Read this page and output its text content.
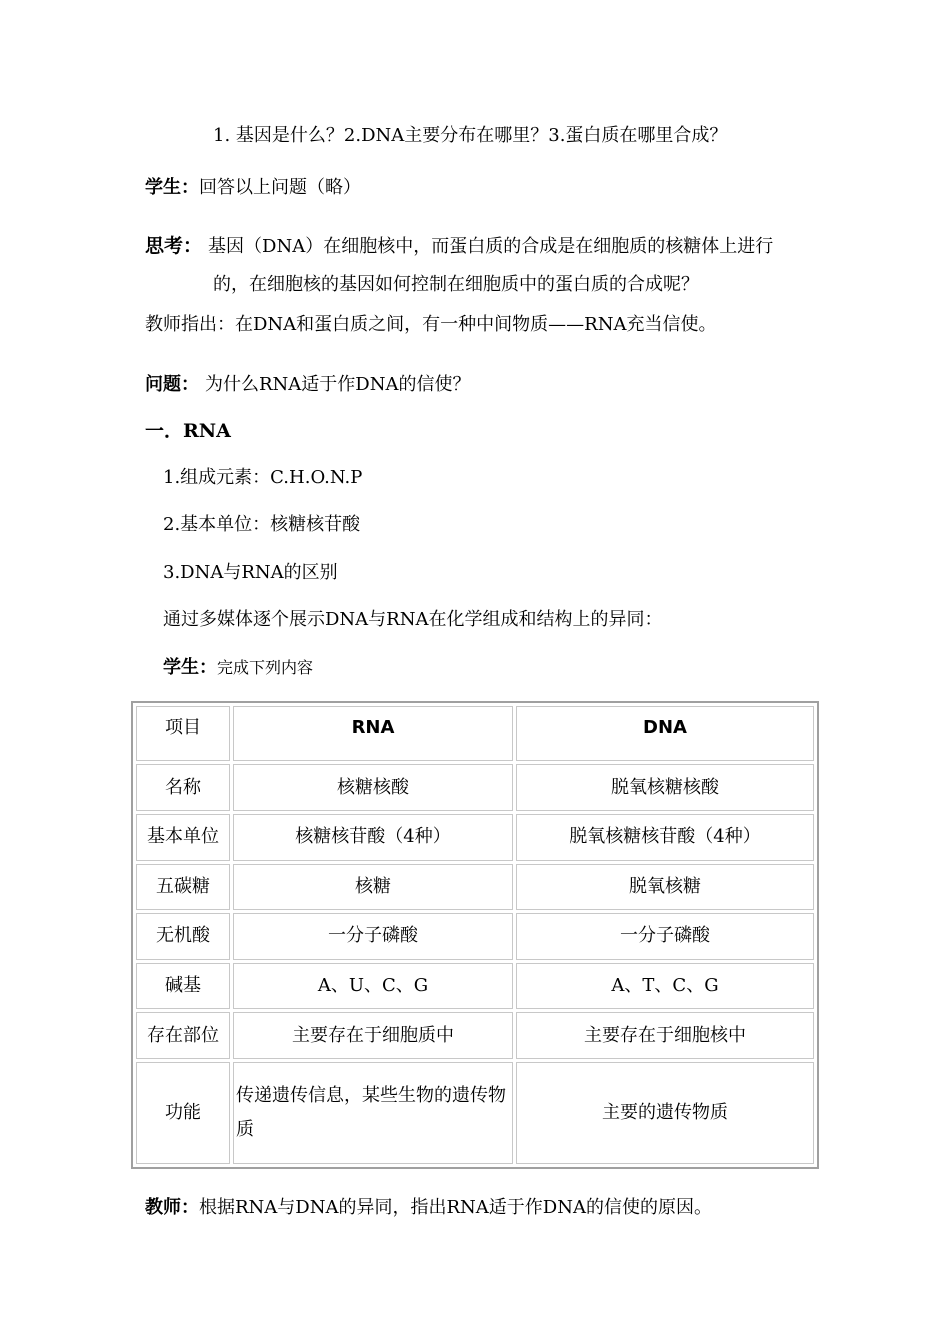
1. 基因是什么？2.DNA主要分布在哪里？3.蛋白质在哪里合成？
学生：回答以上问题（略）
思考： 基因（DNA）在细胞核中，而蛋白质的合成是在细胞质的核糖体上进行
的，在细胞核的基因如何控制在细胞质中的蛋白质的合成呢？
教师指出：在DNA和蛋白质之间，有一种中间物质——RNA充当信使。
问题： 为什么RNA适于作DNA的信使？
一．RNA
1.组成元素：C.H.O.N.P
2.基本单位：核糖核苷酸
3.DNA与RNA的区别
通过多媒体逐个展示DNA与RNA在化学组成和结构上的异同：
学生：完成下列内容
项目	RNA	DNA
名称	核糖核酸	脱氧核糖核酸
基本单位	核糖核苷酸（4种）	脱氧核糖核苷酸（4种）
五碳糖	核糖	脱氧核糖
无机酸	一分子磷酸	一分子磷酸
碱基	A、U、C、G	A、T、C、G
存在部位	主要存在于细胞质中	主要存在于细胞核中
功能	传递遗传信息，某些生物的遗传物质	主要的遗传物质
教师：根据RNA与DNA的异同，指出RNA适于作DNA的信使的原因。
